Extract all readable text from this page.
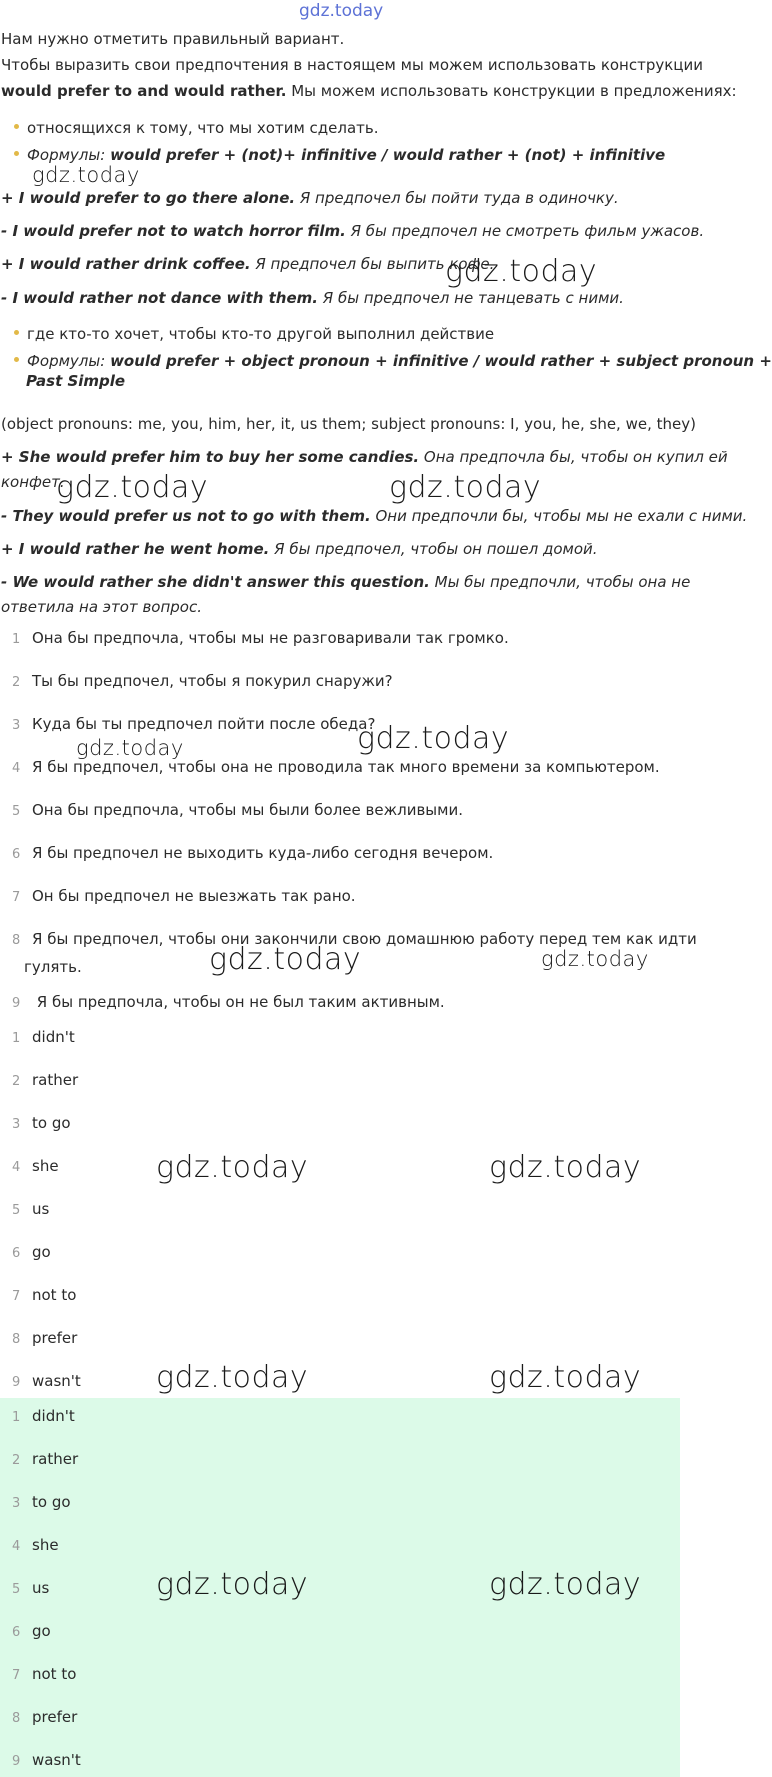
gdz.today
Нам нужно отметить правильный вариант.
Чтобы выразить свои предпочтения в настоящем мы можем использовать конструкции
would prefer to and would rather. Мы можем использовать конструкции в предложениях:
относящихся к тому, что мы хотим сделать.
Формулы: would prefer + (not)+ infinitive / would rather + (not) + infinitive
+ I would prefer to go there alone. Я предпочел бы пойти туда в одиночку.
- I would prefer not to watch horror film. Я бы предпочел не смотреть фильм ужасов.
+ I would rather drink coffee. Я предпочел бы выпить кофе.
- I would rather not dance with them. Я бы предпочел не танцевать с ними.
где кто-то хочет, чтобы кто-то другой выполнил действие
Формулы: would prefer + object pronoun + infinitive / would rather + subject pronoun +
Past Simple
(object pronouns: me, you, him, her, it, us them; subject pronouns: I, you, he, she, we, they)
+ She would prefer him to buy her some candies. Она предпочла бы, чтобы он купил ей
конфет.
- They would prefer us not to go with them. Они предпочли бы, чтобы мы не ехали с ними.
+ I would rather he went home. Я бы предпочел, чтобы он пошел домой.
- We would rather she didn't answer this question. Мы бы предпочли, чтобы она не
ответила на этот вопрос.
1 Она бы предпочла, чтобы мы не разговаривали так громко.
2 Ты бы предпочел, чтобы я покурил снаружи?
3 Куда бы ты предпочел пойти после обеда?
4 Я бы предпочел, чтобы она не проводила так много времени за компьютером.
5 Она бы предпочла, чтобы мы были более вежливыми.
6 Я бы предпочел не выходить куда-либо сегодня вечером.
7 Он бы предпочел не выезжать так рано.
8 Я бы предпочел, чтобы они закончили свою домашнюю работу перед тем как идти
гулять.
9 Я бы предпочла, чтобы он не был таким активным.
1 didn't
2 rather
3 to go
4 she
5 us
6 go
7 not to
8 prefer
9 wasn't
1 didn't
2 rather
3 to go
4 she
5 us
6 go
7 not to
8 prefer
9 wasn't
gdz.today
gdz.today
gdz.today	gdz.today
gdz.today	gdz.today
gdz.today	gdz.today
gdz.today	gdz.today
gdz.today	gdz.today
gdz.today	gdz.today
